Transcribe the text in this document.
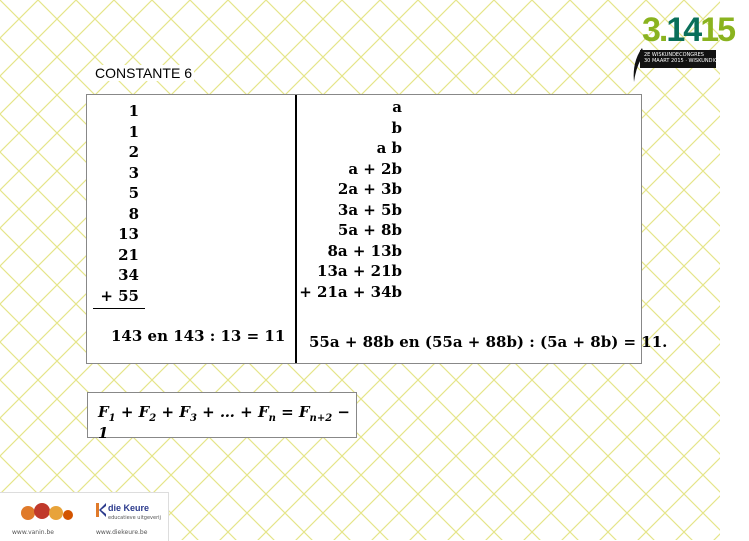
3.1415
2E WISKUNDECONGRES
30 MAART 2015 · WISKUNDIGE DIDACTIEK
CONSTANTE 6

1

1

2

3

5

8

13

21

34

+ 55

143 en 143 : 13 = 11

a

b

a b

a + 2b

2a + 3b

3a + 5b

5a + 8b

8a + 13b

13a + 21b

+ 21a + 34b

55a + 88b en (55a + 88b) : (5a + 8b) = 11.
$F_1 + F_2 + F_3$ + … + $F_n = F_{n+2} - 1$
www.vanin.be
die Keure
educatieve uitgeverij
www.diekeure.be
